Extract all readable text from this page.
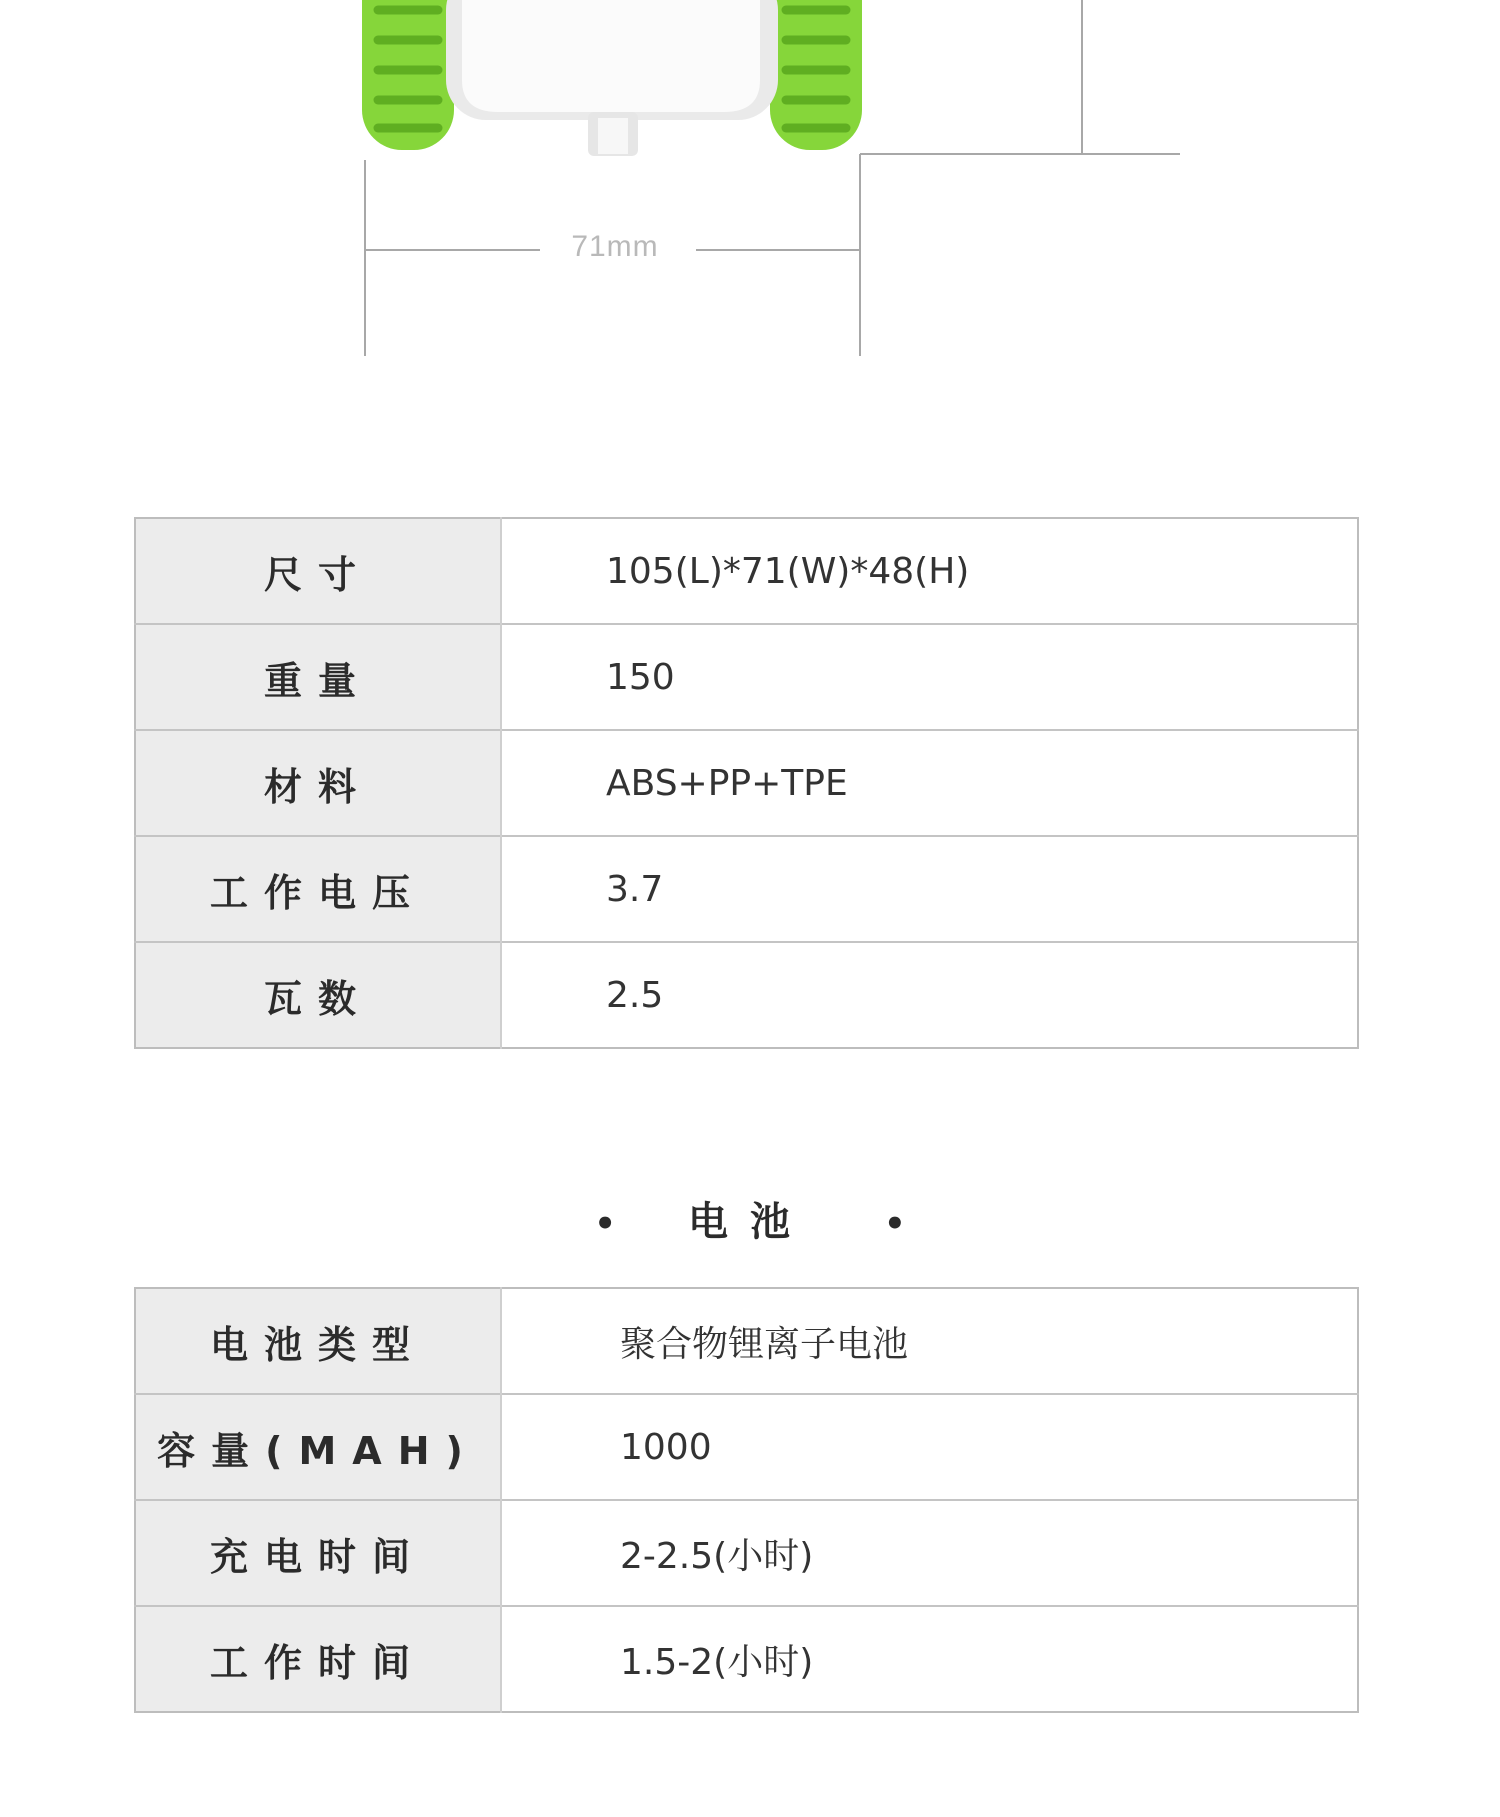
71mm
尺寸	105(L)*71(W)*48(H)
重量	150
材料	ABS+PP+TPE
工作电压	3.7
瓦数	2.5
• 电池 •
电池类型	聚合物锂离子电池
容量(MAH)	1000
充电时间	2-2.5(小时)
工作时间	1.5-2(小时)
